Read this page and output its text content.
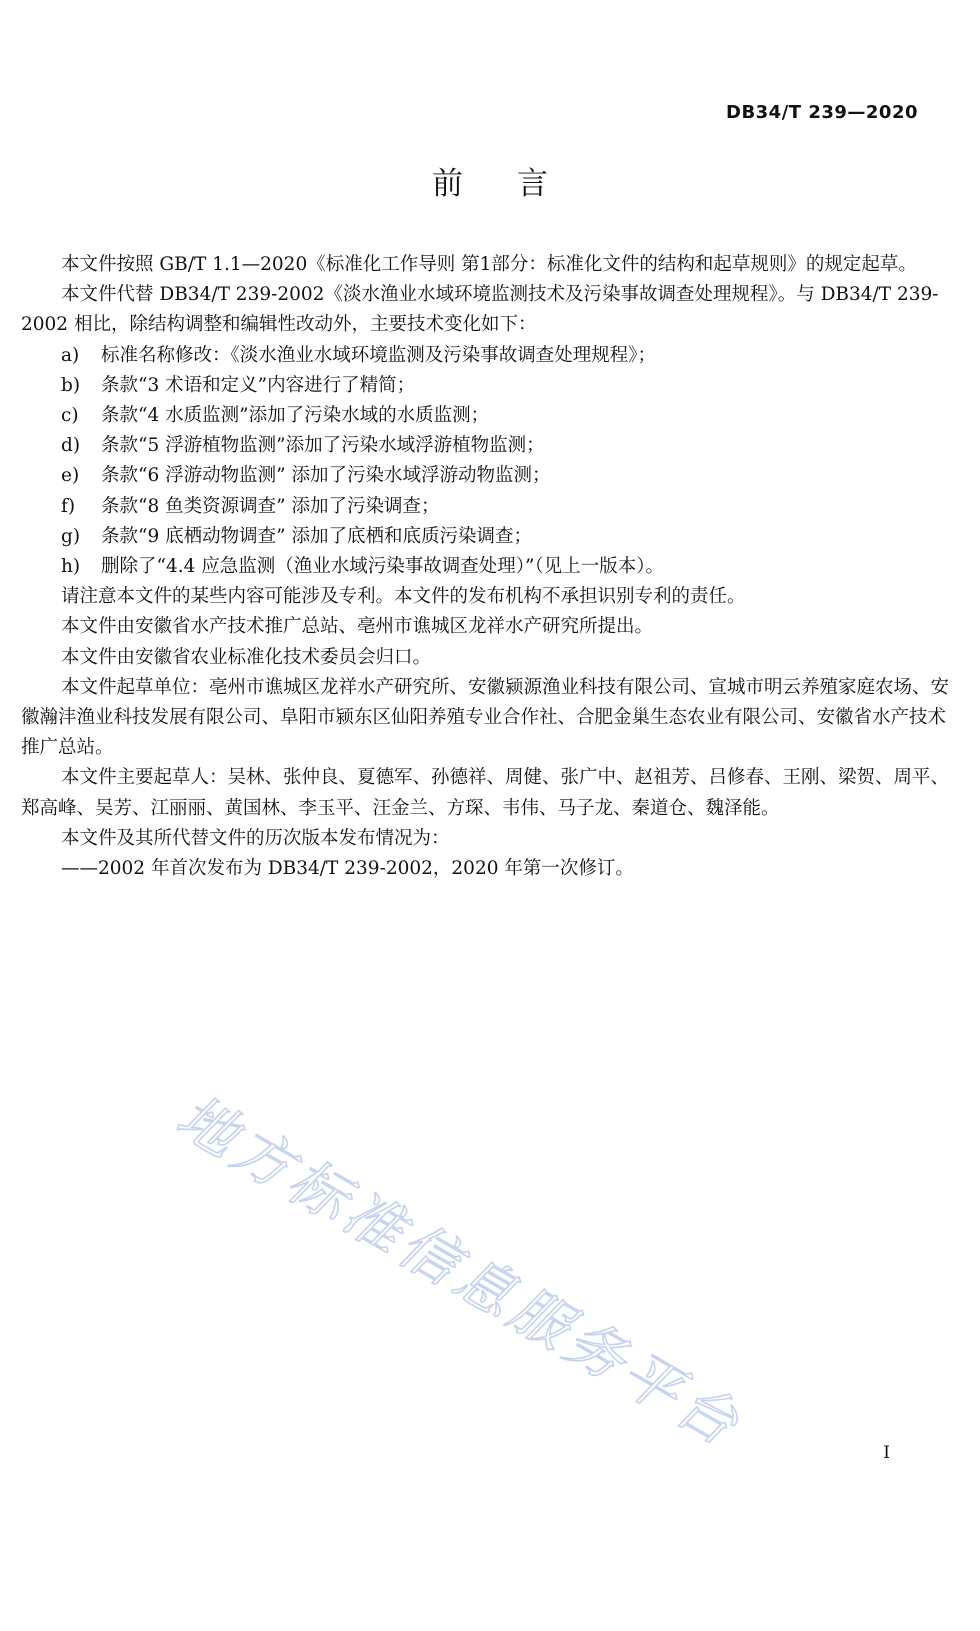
DB34/T 239—2020
前言

本文件按照 GB/T 1.1—2020《标准化工作导则 第1部分：标准化文件的结构和起草规则》的规定起草。

本文件代替 DB34/T 239-2002《淡水渔业水域环境监测技术及污染事故调查处理规程》。与 DB34/T 239-2002 相比，除结构调整和编辑性改动外，主要技术变化如下：

a) 标准名称修改：《淡水渔业水域环境监测及污染事故调查处理规程》；

b) 条款“3 术语和定义”内容进行了精简；

c) 条款“4 水质监测”添加了污染水域的水质监测；

d) 条款“5 浮游植物监测”添加了污染水域浮游植物监测；

e) 条款“6 浮游动物监测” 添加了污染水域浮游动物监测；

f) 条款“8 鱼类资源调查” 添加了污染调查；

g) 条款“9 底栖动物调查” 添加了底栖和底质污染调查；

h) 删除了“4.4 应急监测（渔业水域污染事故调查处理）”（见上一版本）。

请注意本文件的某些内容可能涉及专利。本文件的发布机构不承担识别专利的责任。

本文件由安徽省水产技术推广总站、亳州市谯城区龙祥水产研究所提出。

本文件由安徽省农业标准化技术委员会归口。

本文件起草单位：亳州市谯城区龙祥水产研究所、安徽颍源渔业科技有限公司、宣城市明云养殖家庭农场、安徽瀚沣渔业科技发展有限公司、阜阳市颍东区仙阳养殖专业合作社、合肥金巢生态农业有限公司、安徽省水产技术推广总站。

本文件主要起草人：吴林、张仲良、夏德军、孙德祥、周健、张广中、赵祖芳、吕修春、王刚、梁贺、周平、郑高峰、吴芳、江丽丽、黄国林、李玉平、汪金兰、方琛、韦伟、马子龙、秦道仓、魏泽能。

本文件及其所代替文件的历次版本发布情况为：

——2002 年首次发布为 DB34/T 239-2002，2020 年第一次修订。

地方标准信息服务平台	I
